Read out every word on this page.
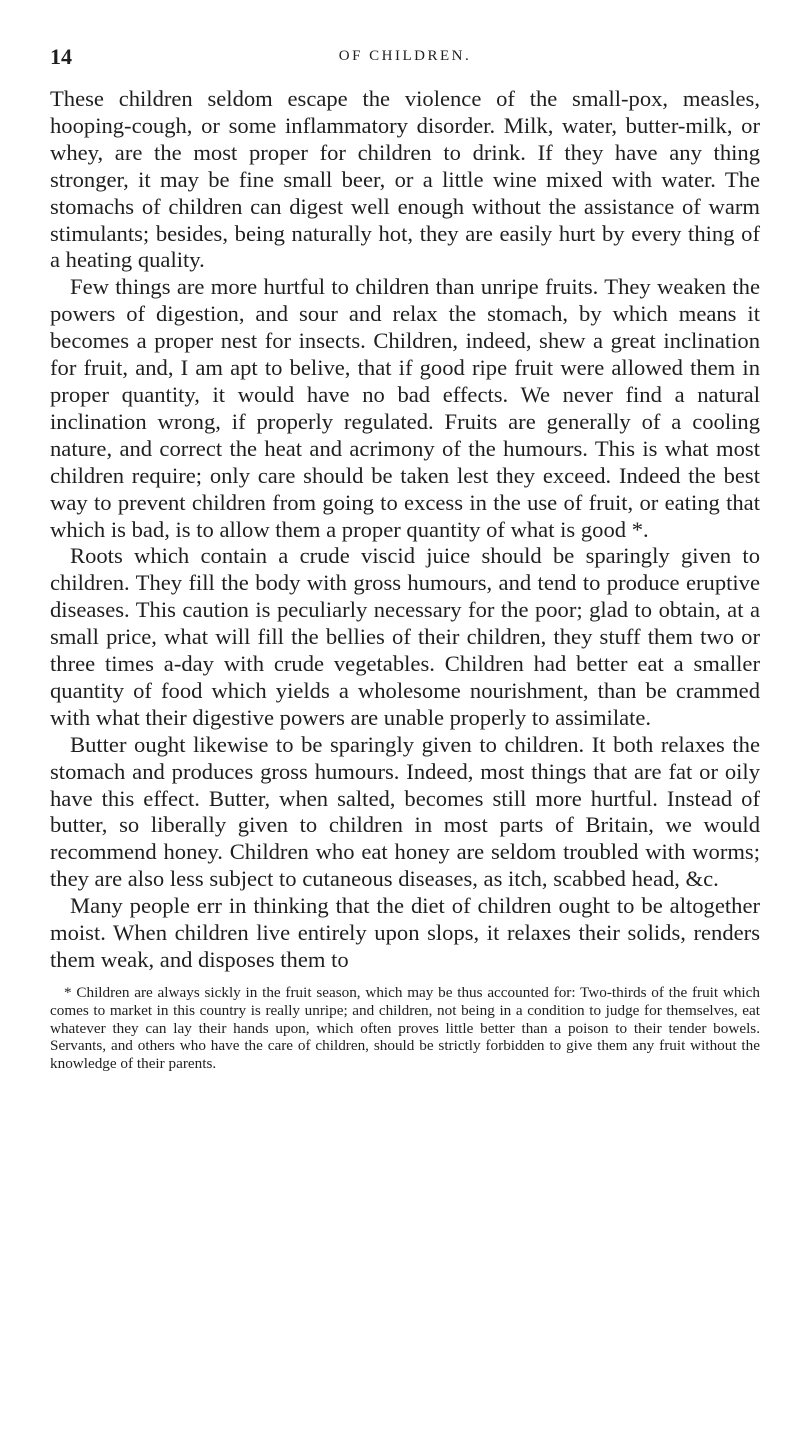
14	OF CHILDREN.

These children seldom escape the violence of the small-pox, measles, hooping-cough, or some inflammatory disorder. Milk, water, butter-milk, or whey, are the most proper for children to drink. If they have any thing stronger, it may be fine small beer, or a little wine mixed with water. The stomachs of children can digest well enough without the assistance of warm stimulants; besides, being naturally hot, they are easily hurt by every thing of a heating quality.

Few things are more hurtful to children than unripe fruits. They weaken the powers of digestion, and sour and relax the stomach, by which means it becomes a proper nest for insects. Children, indeed, shew a great inclination for fruit, and, I am apt to belive, that if good ripe fruit were allowed them in proper quantity, it would have no bad effects. We never find a natural inclination wrong, if properly regulated. Fruits are generally of a cooling nature, and correct the heat and acrimony of the humours. This is what most children require; only care should be taken lest they exceed. Indeed the best way to prevent children from going to excess in the use of fruit, or eating that which is bad, is to allow them a proper quantity of what is good *.

Roots which contain a crude viscid juice should be sparingly given to children. They fill the body with gross humours, and tend to produce eruptive diseases. This caution is peculiarly necessary for the poor; glad to obtain, at a small price, what will fill the bellies of their children, they stuff them two or three times a-day with crude vegetables. Children had better eat a smaller quantity of food which yields a wholesome nourishment, than be crammed with what their digestive powers are unable properly to assimilate.

Butter ought likewise to be sparingly given to children. It both relaxes the stomach and produces gross humours. Indeed, most things that are fat or oily have this effect. Butter, when salted, becomes still more hurtful. Instead of butter, so liberally given to children in most parts of Britain, we would recommend honey. Children who eat honey are seldom troubled with worms; they are also less subject to cutaneous diseases, as itch, scabbed head, &c.

Many people err in thinking that the diet of children ought to be altogether moist. When children live entirely upon slops, it relaxes their solids, renders them weak, and disposes them to

* Children are always sickly in the fruit season, which may be thus accounted for: Two-thirds of the fruit which comes to market in this country is really unripe; and children, not being in a condition to judge for themselves, eat whatever they can lay their hands upon, which often proves little better than a poison to their tender bowels. Servants, and others who have the care of children, should be strictly forbidden to give them any fruit without the knowledge of their parents.
